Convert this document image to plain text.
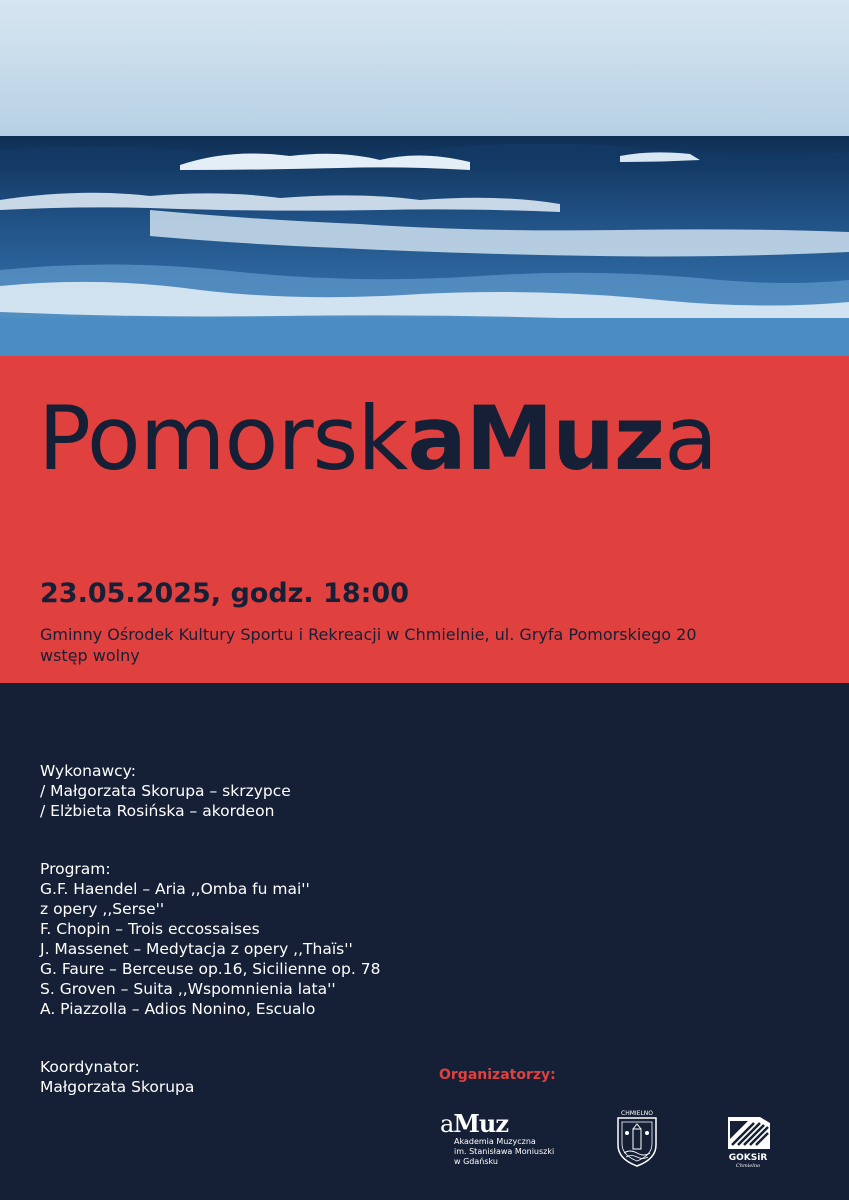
PomorskaMuza
23.05.2025, godz. 18:00
Gminny Ośrodek Kultury Sportu i Rekreacji w Chmielnie, ul. Gryfa Pomorskiego 20
wstęp wolny
Wykonawcy:
/ Małgorzata Skorupa – skrzypce
/ Elżbieta Rosińska – akordeon
Program:
G.F. Haendel – Aria ,,Omba fu mai''
z opery ,,Serse''
F. Chopin – Trois eccossaises
J. Massenet – Medytacja z opery ,,Thaïs''
G. Faure – Berceuse op.16, Sicilienne op. 78
S. Groven – Suita ,,Wspomnienia lata''
A. Piazzolla – Adios Nonino, Escualo
Koordynator:
Małgorzata Skorupa
Organizatorzy:
aMuz
Akademia Muzyczna
im. Stanisława Moniuszki
w Gdańsku
CHMIELNO
GOKSiR
Chmielno
